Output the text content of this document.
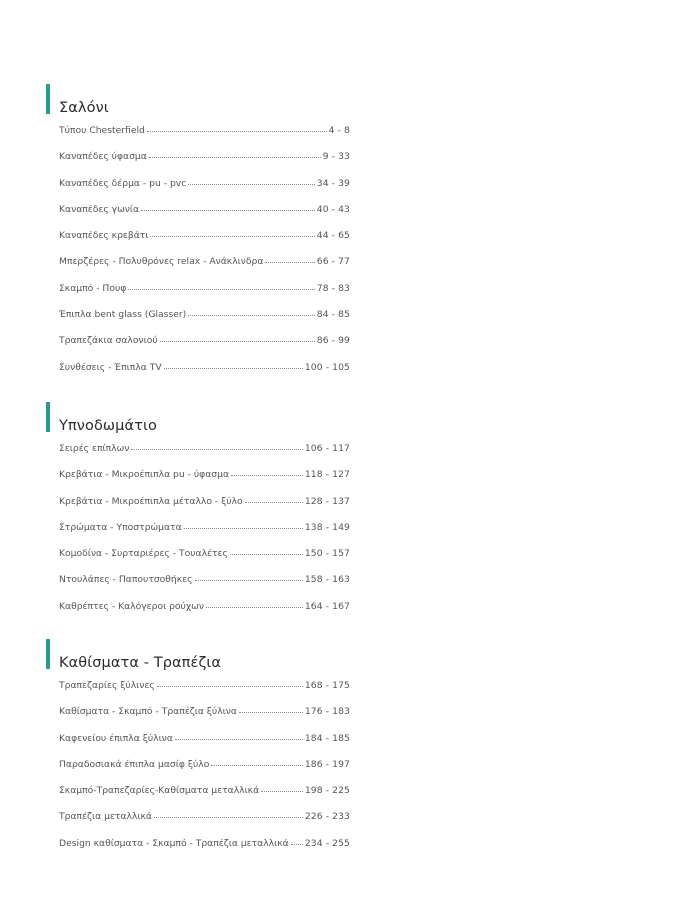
Σαλόνι
Τύπου Chesterfield	4 - 8
Καναπέδες ύφασμα	9 - 33
Καναπέδες δέρμα - pu - pvc	34 - 39
Καναπέδες γωνία	40 - 43
Καναπέδες κρεβάτι	44 - 65
Μπερζέρες - Πολυθρόνες relax - Ανάκλινδρα	66 - 77
Σκαμπό - Πουφ	78 - 83
Έπιπλα bent glass (Glasser)	84 - 85
Τραπεζάκια σαλονιού	86 - 99
Συνθέσεις - Έπιπλα TV	100 - 105
Υπνοδωμάτιο
Σειρές επίπλων	106 - 117
Κρεβάτια - Μικροέπιπλα pu - ύφασμα	118 - 127
Κρεβάτια - Μικροέπιπλα μέταλλο - ξύλο	128 - 137
Στρώματα - Υποστρώματα	138 - 149
Κομοδίνα - Συρταριέρες - Τουαλέτες	150 - 157
Ντουλάπες - Παπουτσοθήκες	158 - 163
Καθρέπτες - Καλόγεροι ρούχων	164 - 167
Καθίσματα - Τραπέζια
Τραπεζαρίες ξύλινες	168 - 175
Καθίσματα - Σκαμπό - Τραπέζια ξύλινα	176 - 183
Καφενείου έπιπλα ξύλινα	184 - 185
Παραδοσιακά έπιπλα μασίφ ξύλο	186 - 197
Σκαμπό-Τραπεζαρίες-Καθίσματα μεταλλικά	198 - 225
Τραπέζια μεταλλικά	226 - 233
Design καθίσματα - Σκαμπό - Τραπέζια μεταλλικά 234 - 255
